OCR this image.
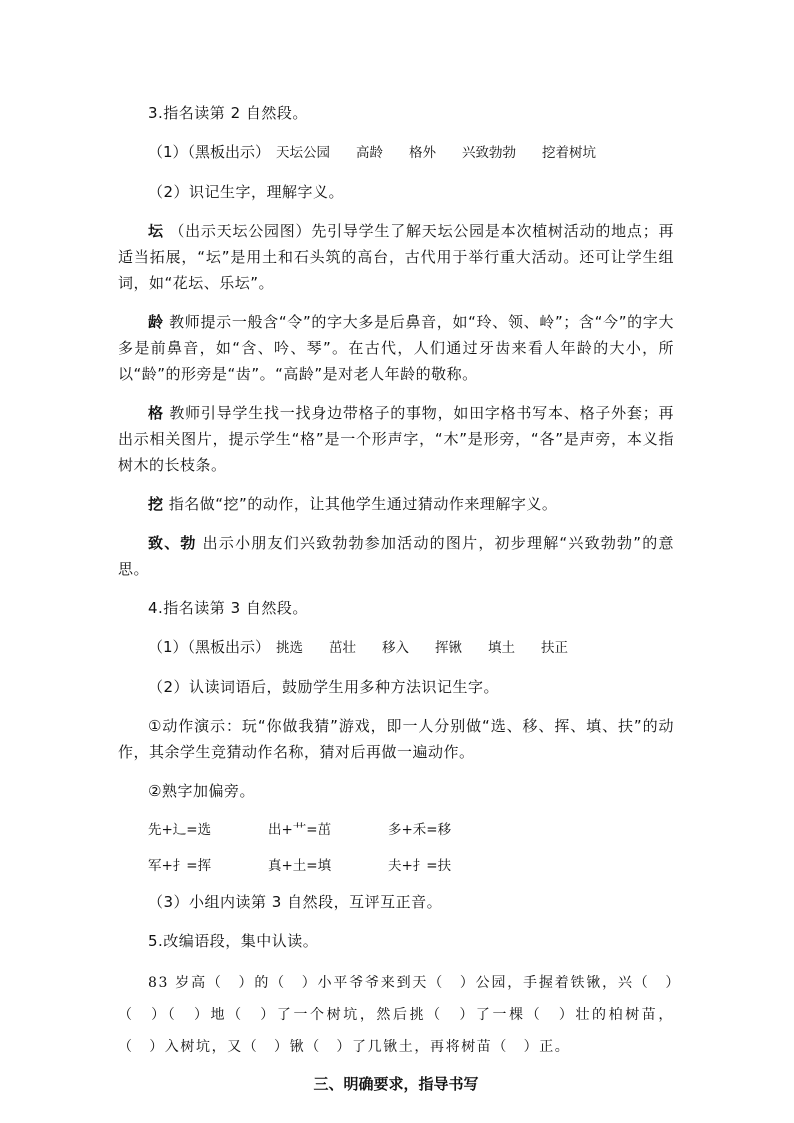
3.指名读第 2 自然段。

（1）（黑板出示） 天坛公园 高龄 格外 兴致勃勃 挖着树坑

（2）识记生字，理解字义。

坛 （出示天坛公园图）先引导学生了解天坛公园是本次植树活动的地点；再适当拓展，“坛”是用土和石头筑的高台，古代用于举行重大活动。还可让学生组词，如“花坛、乐坛”。

龄 教师提示一般含“令”的字大多是后鼻音，如“玲、领、岭”；含“今”的字大多是前鼻音，如“含、吟、琴”。在古代，人们通过牙齿来看人年龄的大小，所以“龄”的形旁是“齿”。“高龄”是对老人年龄的敬称。

格 教师引导学生找一找身边带格子的事物，如田字格书写本、格子外套；再出示相关图片，提示学生“格”是一个形声字，“木”是形旁，“各”是声旁，本义指树木的长枝条。

挖 指名做“挖”的动作，让其他学生通过猜动作来理解字义。

致、勃 出示小朋友们兴致勃勃参加活动的图片，初步理解“兴致勃勃”的意思。

4.指名读第 3 自然段。

（1）（黑板出示） 挑选 茁壮 移入 挥锹 填土 扶正

（2）认读词语后，鼓励学生用多种方法识记生字。

①动作演示：玩“你做我猜”游戏，即一人分别做“选、移、挥、填、扶”的动作，其余学生竞猜动作名称，猜对后再做一遍动作。

②熟字加偏旁。

先+辶=选	出+艹=茁	多+禾=移

军+扌=挥	真+土=填	夫+扌=扶

（3）小组内读第 3 自然段，互评互正音。

5.改编语段，集中认读。

83 岁高（　）的（　）小平爷爷来到天（　）公园，手握着铁锹，兴（　）（　）（　）地（　）了一个树坑，然后挑（　）了一棵（　）壮的柏树苗，（　）入树坑，又（　）锹（　）了几锹土，再将树苗（　）正。

三、明确要求，指导书写
